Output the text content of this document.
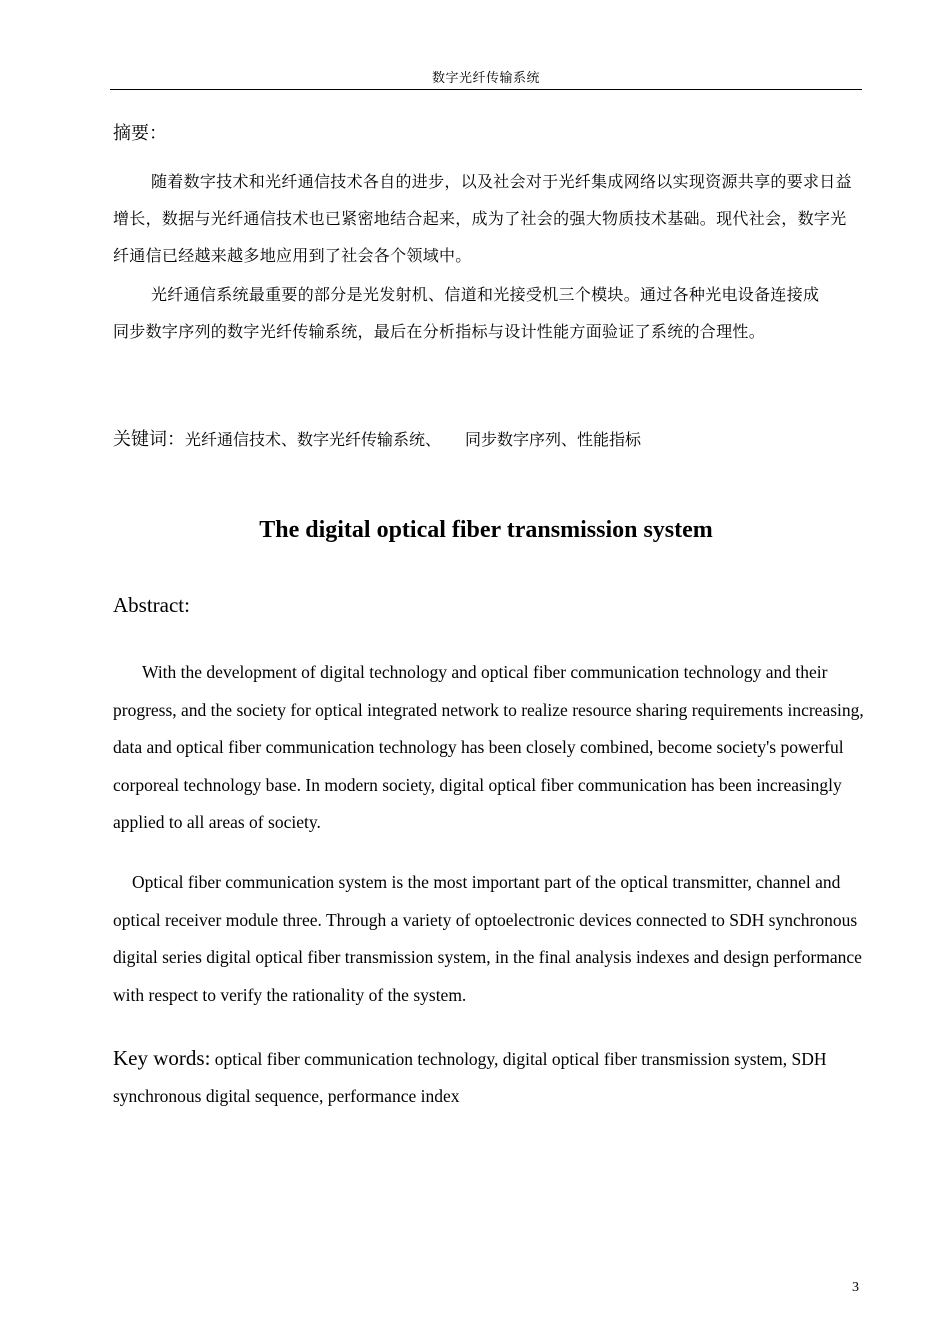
数字光纤传输系统
摘要：

随着数字技术和光纤通信技术各自的进步，以及社会对于光纤集成网络以实现资源共享的要求日益增长，数据与光纤通信技术也已紧密地结合起来，成为了社会的强大物质技术基础。现代社会，数字光纤通信已经越来越多地应用到了社会各个领域中。

光纤通信系统最重要的部分是光发射机、信道和光接受机三个模块。通过各种光电设备连接成　　同步数字序列的数字光纤传输系统，最后在分析指标与设计性能方面验证了系统的合理性。

关键词：光纤通信技术、数字光纤传输系统、　　同步数字序列、性能指标
The digital optical fiber transmission system
Abstract:

With the development of digital technology and optical fiber communication technology and their progress, and the society for optical integrated network to realize resource sharing requirements increasing, data and optical fiber communication technology has been closely combined, become society's powerful corporeal technology base. In modern society, digital optical fiber communication has been increasingly applied to all areas of society.

Optical fiber communication system is the most important part of the optical transmitter, channel and optical receiver module three. Through a variety of optoelectronic devices connected to SDH synchronous digital series digital optical fiber transmission system, in the final analysis indexes and design performance with respect to verify the rationality of the system.

Key words: optical fiber communication technology, digital optical fiber transmission system, SDH synchronous digital sequence, performance index
3
